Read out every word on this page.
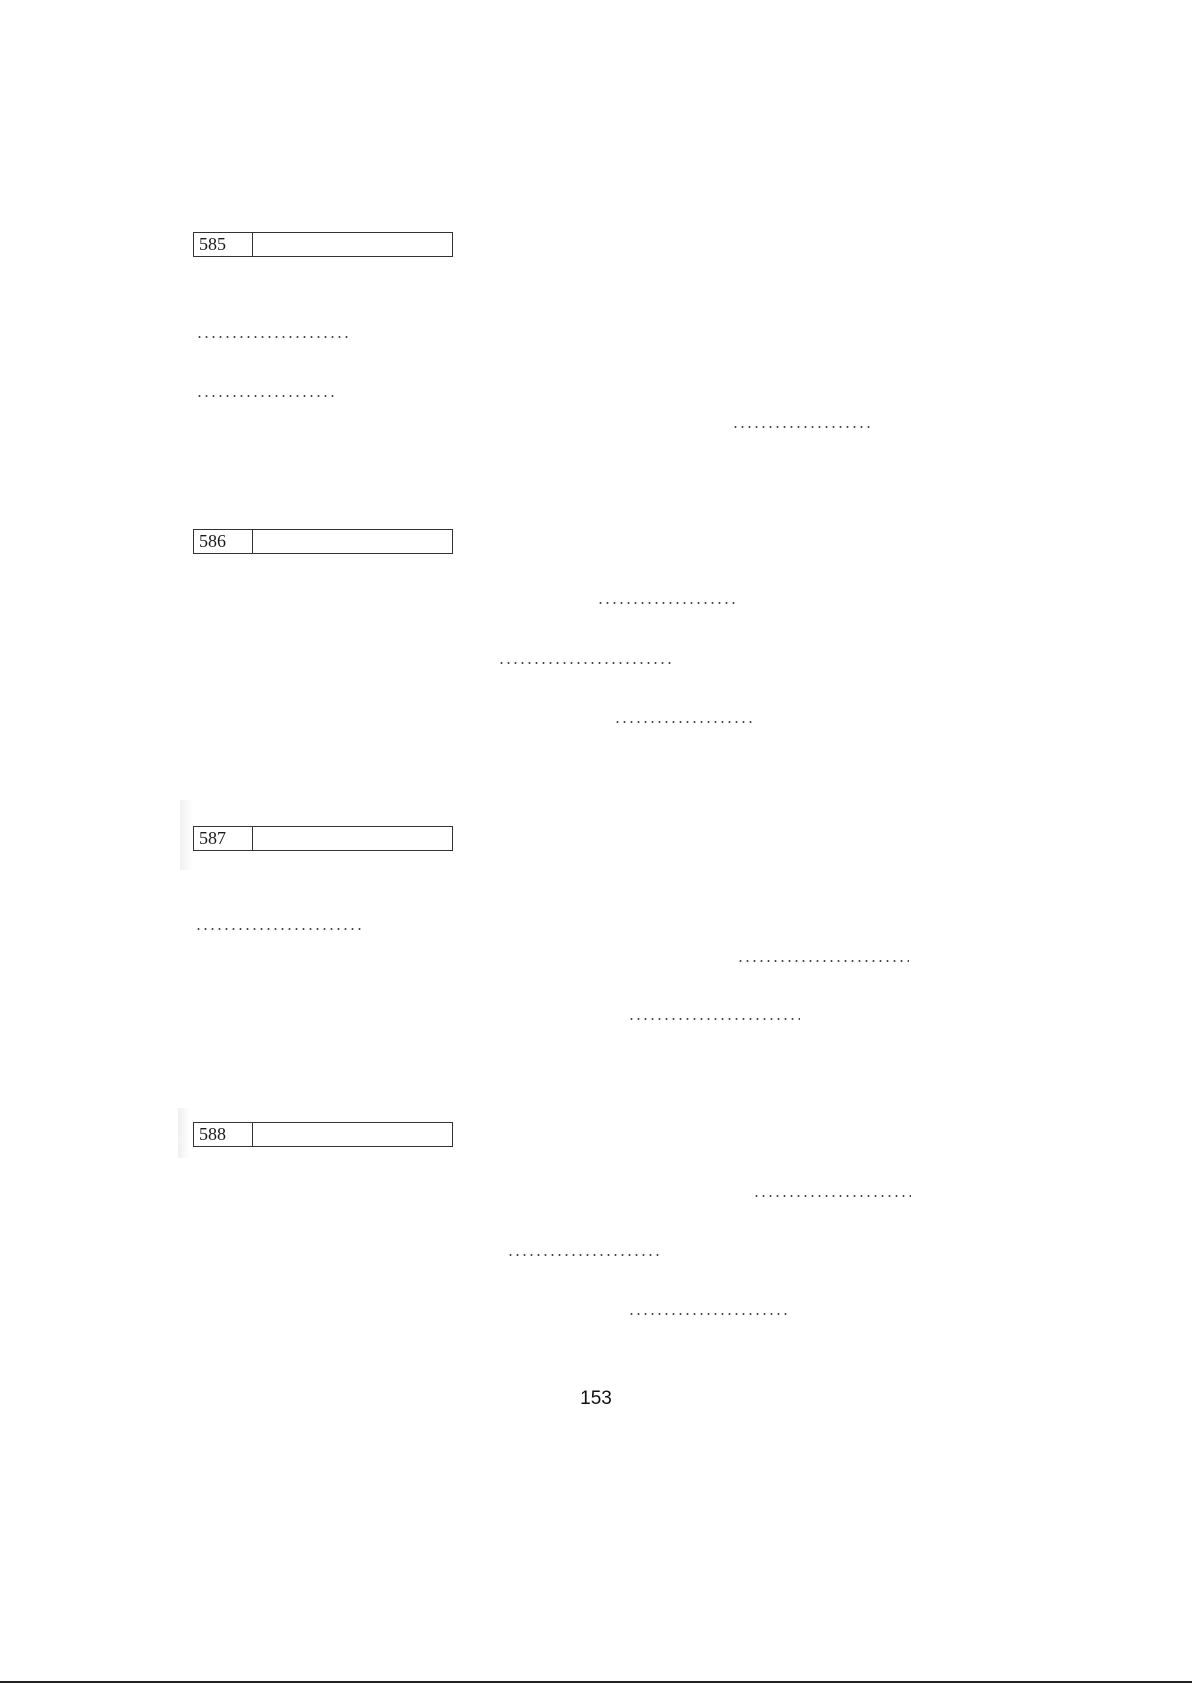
585
586
587
588
153
